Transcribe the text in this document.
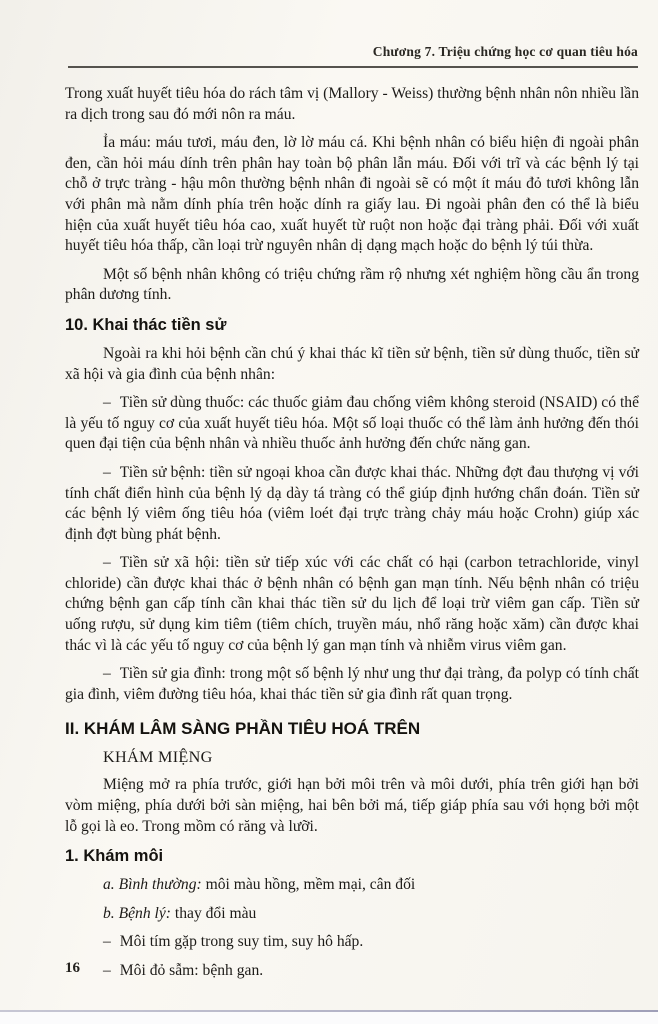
Chương 7. Triệu chứng học cơ quan tiêu hóa

Trong xuất huyết tiêu hóa do rách tâm vị (Mallory - Weiss) thường bệnh nhân nôn nhiều lần ra dịch trong sau đó mới nôn ra máu.

Ỉa máu: máu tươi, máu đen, lờ lờ máu cá. Khi bệnh nhân có biểu hiện đi ngoài phân đen, cần hỏi máu dính trên phân hay toàn bộ phân lẫn máu. Đối với trĩ và các bệnh lý tại chỗ ở trực tràng - hậu môn thường bệnh nhân đi ngoài sẽ có một ít máu đỏ tươi không lẫn với phân mà nằm dính phía trên hoặc dính ra giấy lau. Đi ngoài phân đen có thể là biểu hiện của xuất huyết tiêu hóa cao, xuất huyết từ ruột non hoặc đại tràng phải. Đối với xuất huyết tiêu hóa thấp, cần loại trừ nguyên nhân dị dạng mạch hoặc do bệnh lý túi thừa.

Một số bệnh nhân không có triệu chứng rầm rộ nhưng xét nghiệm hồng cầu ẩn trong phân dương tính.

10. Khai thác tiền sử

Ngoài ra khi hỏi bệnh cần chú ý khai thác kĩ tiền sử bệnh, tiền sử dùng thuốc, tiền sử xã hội và gia đình của bệnh nhân:

– Tiền sử dùng thuốc: các thuốc giảm đau chống viêm không steroid (NSAID) có thể là yếu tố nguy cơ của xuất huyết tiêu hóa. Một số loại thuốc có thể làm ảnh hưởng đến thói quen đại tiện của bệnh nhân và nhiều thuốc ảnh hưởng đến chức năng gan.

– Tiền sử bệnh: tiền sử ngoại khoa cần được khai thác. Những đợt đau thượng vị với tính chất điển hình của bệnh lý dạ dày tá tràng có thể giúp định hướng chẩn đoán. Tiền sử các bệnh lý viêm ống tiêu hóa (viêm loét đại trực tràng chảy máu hoặc Crohn) giúp xác định đợt bùng phát bệnh.

– Tiền sử xã hội: tiền sử tiếp xúc với các chất có hại (carbon tetrachloride, vinyl chloride) cần được khai thác ở bệnh nhân có bệnh gan mạn tính. Nếu bệnh nhân có triệu chứng bệnh gan cấp tính cần khai thác tiền sử du lịch để loại trừ viêm gan cấp. Tiền sử uống rượu, sử dụng kim tiêm (tiêm chích, truyền máu, nhổ răng hoặc xăm) cần được khai thác vì là các yếu tố nguy cơ của bệnh lý gan mạn tính và nhiễm virus viêm gan.

– Tiền sử gia đình: trong một số bệnh lý như ung thư đại tràng, đa polyp có tính chất gia đình, viêm đường tiêu hóa, khai thác tiền sử gia đình rất quan trọng.

II. KHÁM LÂM SÀNG PHẦN TIÊU HOÁ TRÊN
KHÁM MIỆNG

Miệng mở ra phía trước, giới hạn bởi môi trên và môi dưới, phía trên giới hạn bởi vòm miệng, phía dưới bởi sàn miệng, hai bên bởi má, tiếp giáp phía sau với họng bởi một lỗ gọi là eo. Trong mồm có răng và lưỡi.

1. Khám môi

a. Bình thường: môi màu hồng, mềm mại, cân đối

b. Bệnh lý: thay đổi màu

– Môi tím gặp trong suy tim, suy hô hấp.

– Môi đỏ sẫm: bệnh gan.

16
